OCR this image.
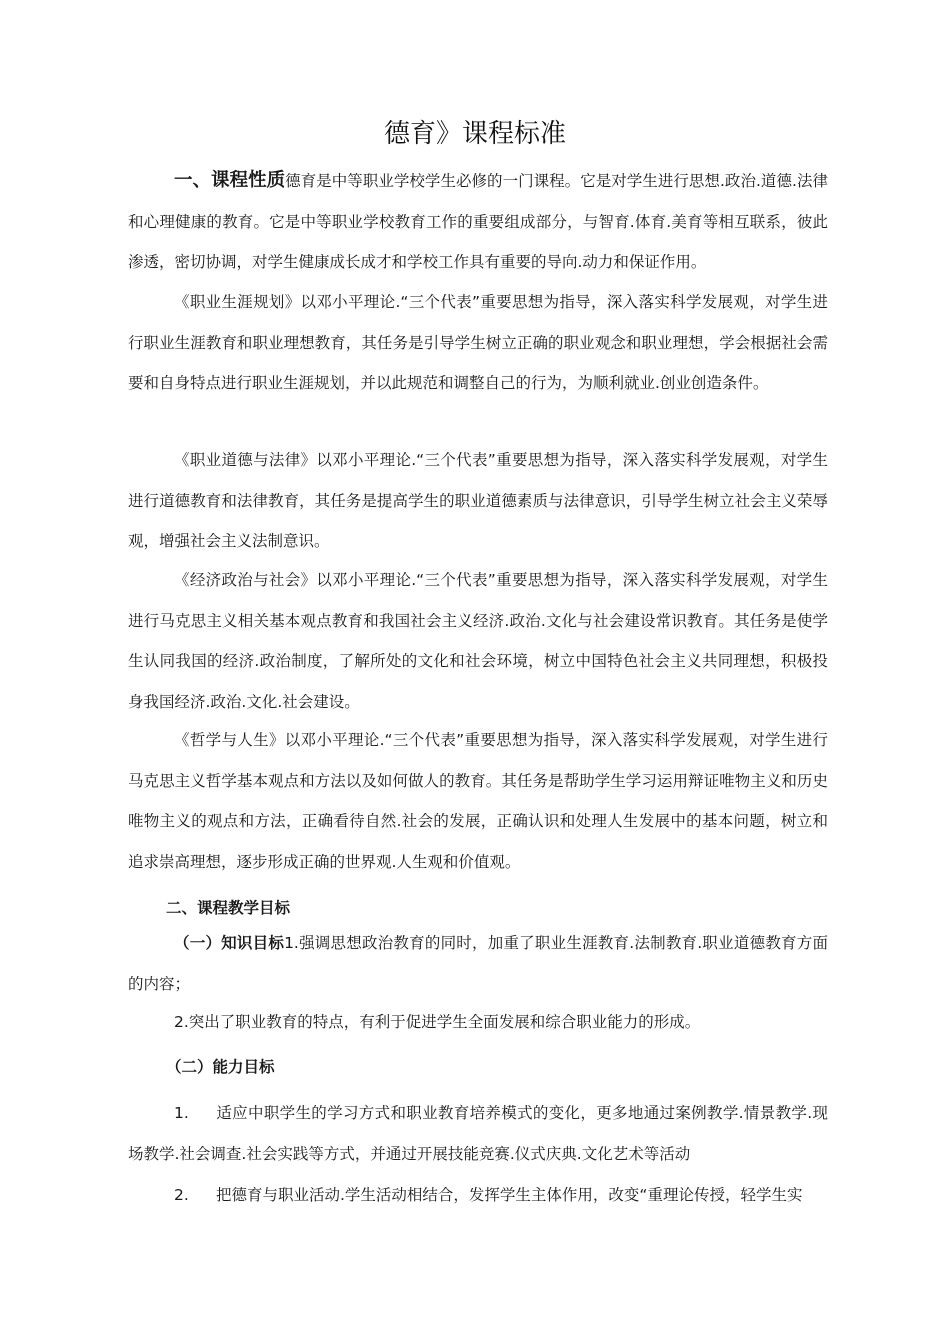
德育》课程标准

一、课程性质德育是中等职业学校学生必修的一门课程。它是对学生进行思想.政治.道德.法律和心理健康的教育。它是中等职业学校教育工作的重要组成部分，与智育.体育.美育等相互联系，彼此渗透，密切协调，对学生健康成长成才和学校工作具有重要的导向.动力和保证作用。

《职业生涯规划》以邓小平理论.“三个代表”重要思想为指导，深入落实科学发展观，对学生进行职业生涯教育和职业理想教育，其任务是引导学生树立正确的职业观念和职业理想，学会根据社会需要和自身特点进行职业生涯规划，并以此规范和调整自己的行为，为顺利就业.创业创造条件。

《职业道德与法律》以邓小平理论.“三个代表”重要思想为指导，深入落实科学发展观，对学生进行道德教育和法律教育，其任务是提高学生的职业道德素质与法律意识，引导学生树立社会主义荣辱观，增强社会主义法制意识。

《经济政治与社会》以邓小平理论.“三个代表”重要思想为指导，深入落实科学发展观，对学生进行马克思主义相关基本观点教育和我国社会主义经济.政治.文化与社会建设常识教育。其任务是使学生认同我国的经济.政治制度，了解所处的文化和社会环境，树立中国特色社会主义共同理想，积极投身我国经济.政治.文化.社会建设。

《哲学与人生》以邓小平理论.“三个代表”重要思想为指导，深入落实科学发展观，对学生进行马克思主义哲学基本观点和方法以及如何做人的教育。其任务是帮助学生学习运用辩证唯物主义和历史唯物主义的观点和方法，正确看待自然.社会的发展，正确认识和处理人生发展中的基本问题，树立和追求崇高理想，逐步形成正确的世界观.人生观和价值观。

二、课程教学目标

（一）知识目标1.强调思想政治教育的同时，加重了职业生涯教育.法制教育.职业道德教育方面的内容；

2.突出了职业教育的特点，有利于促进学生全面发展和综合职业能力的形成。

（二）能力目标

1. 适应中职学生的学习方式和职业教育培养模式的变化，更多地通过案例教学.情景教学.现场教学.社会调查.社会实践等方式，并通过开展技能竞赛.仪式庆典.文化艺术等活动

2. 把德育与职业活动.学生活动相结合，发挥学生主体作用，改变“重理论传授，轻学生实
